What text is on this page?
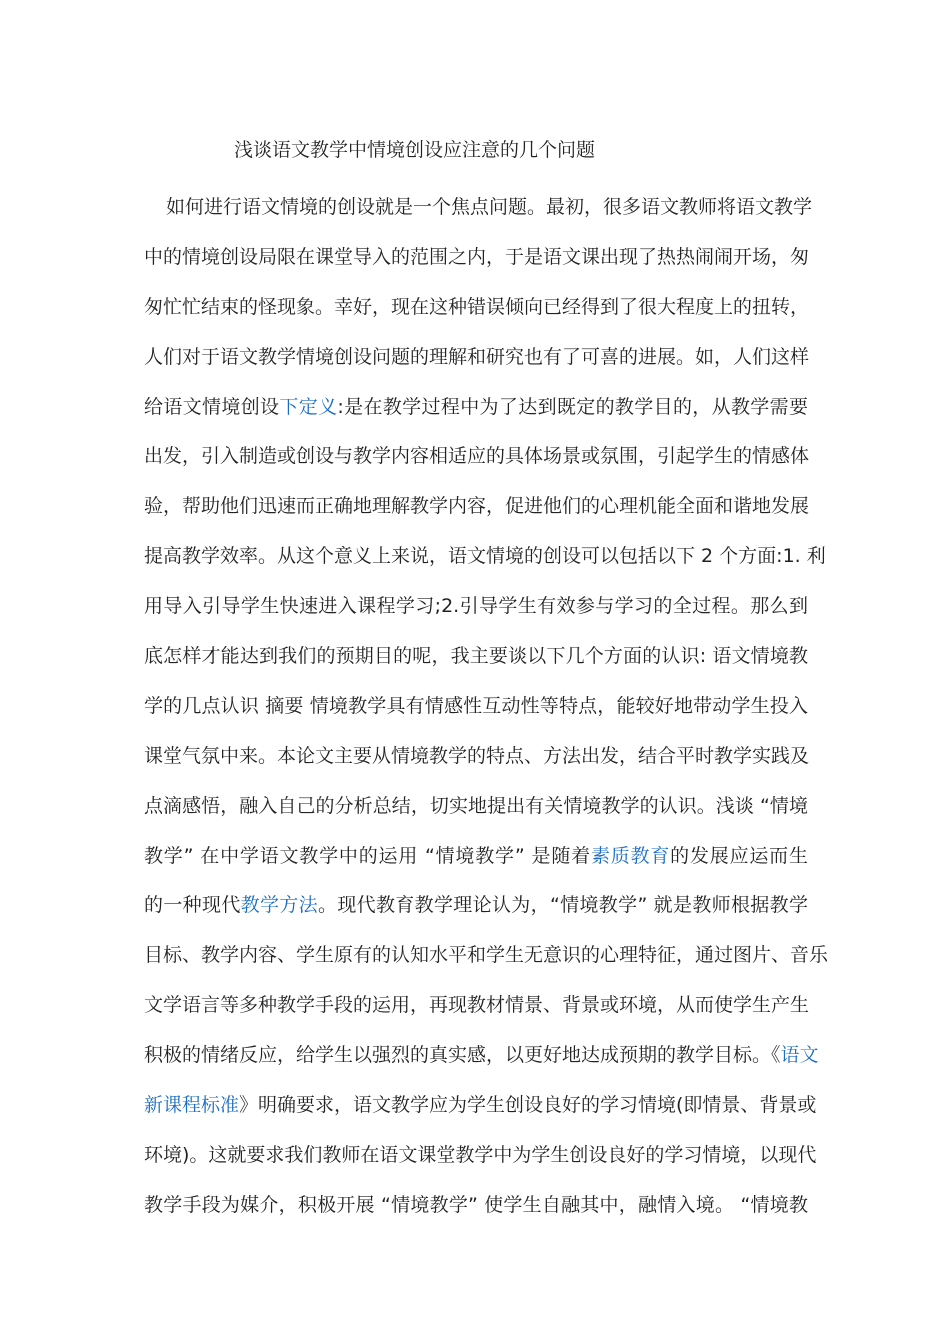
浅谈语文教学中情境创设应注意的几个问题
如何进行语文情境的创设就是一个焦点问题。最初，很多语文教师将语文教学
中的情境创设局限在课堂导入的范围之内，于是语文课出现了热热闹闹开场，匆
匆忙忙结束的怪现象。幸好，现在这种错误倾向已经得到了很大程度上的扭转，
人们对于语文教学情境创设问题的理解和研究也有了可喜的进展。如，人们这样
给语文情境创设下定义:是在教学过程中为了达到既定的教学目的，从教学需要
出发，引入制造或创设与教学内容相适应的具体场景或氛围，引起学生的情感体
验，帮助他们迅速而正确地理解教学内容，促进他们的心理机能全面和谐地发展
提高教学效率。从这个意义上来说，语文情境的创设可以包括以下 2 个方面:1. 利
用导入引导学生快速进入课程学习;2.引导学生有效参与学习的全过程。那么到
底怎样才能达到我们的预期目的呢，我主要谈以下几个方面的认识: 语文情境教
学的几点认识 摘要 情境教学具有情感性互动性等特点，能较好地带动学生投入
课堂气氛中来。本论文主要从情境教学的特点、方法出发，结合平时教学实践及
点滴感悟，融入自己的分析总结，切实地提出有关情境教学的认识。浅谈 “情境
教学” 在中学语文教学中的运用 “情境教学” 是随着素质教育的发展应运而生
的一种现代教学方法。现代教育教学理论认为，“情境教学” 就是教师根据教学
目标、教学内容、学生原有的认知水平和学生无意识的心理特征，通过图片、音乐
文学语言等多种教学手段的运用，再现教材情景、背景或环境，从而使学生产生
积极的情绪反应，给学生以强烈的真实感，以更好地达成预期的教学目标。《语文
新课程标准》明确要求，语文教学应为学生创设良好的学习情境(即情景、背景或
环境)。这就要求我们教师在语文课堂教学中为学生创设良好的学习情境，以现代
教学手段为媒介，积极开展 “情境教学” 使学生自融其中，融情入境。 “情境教
